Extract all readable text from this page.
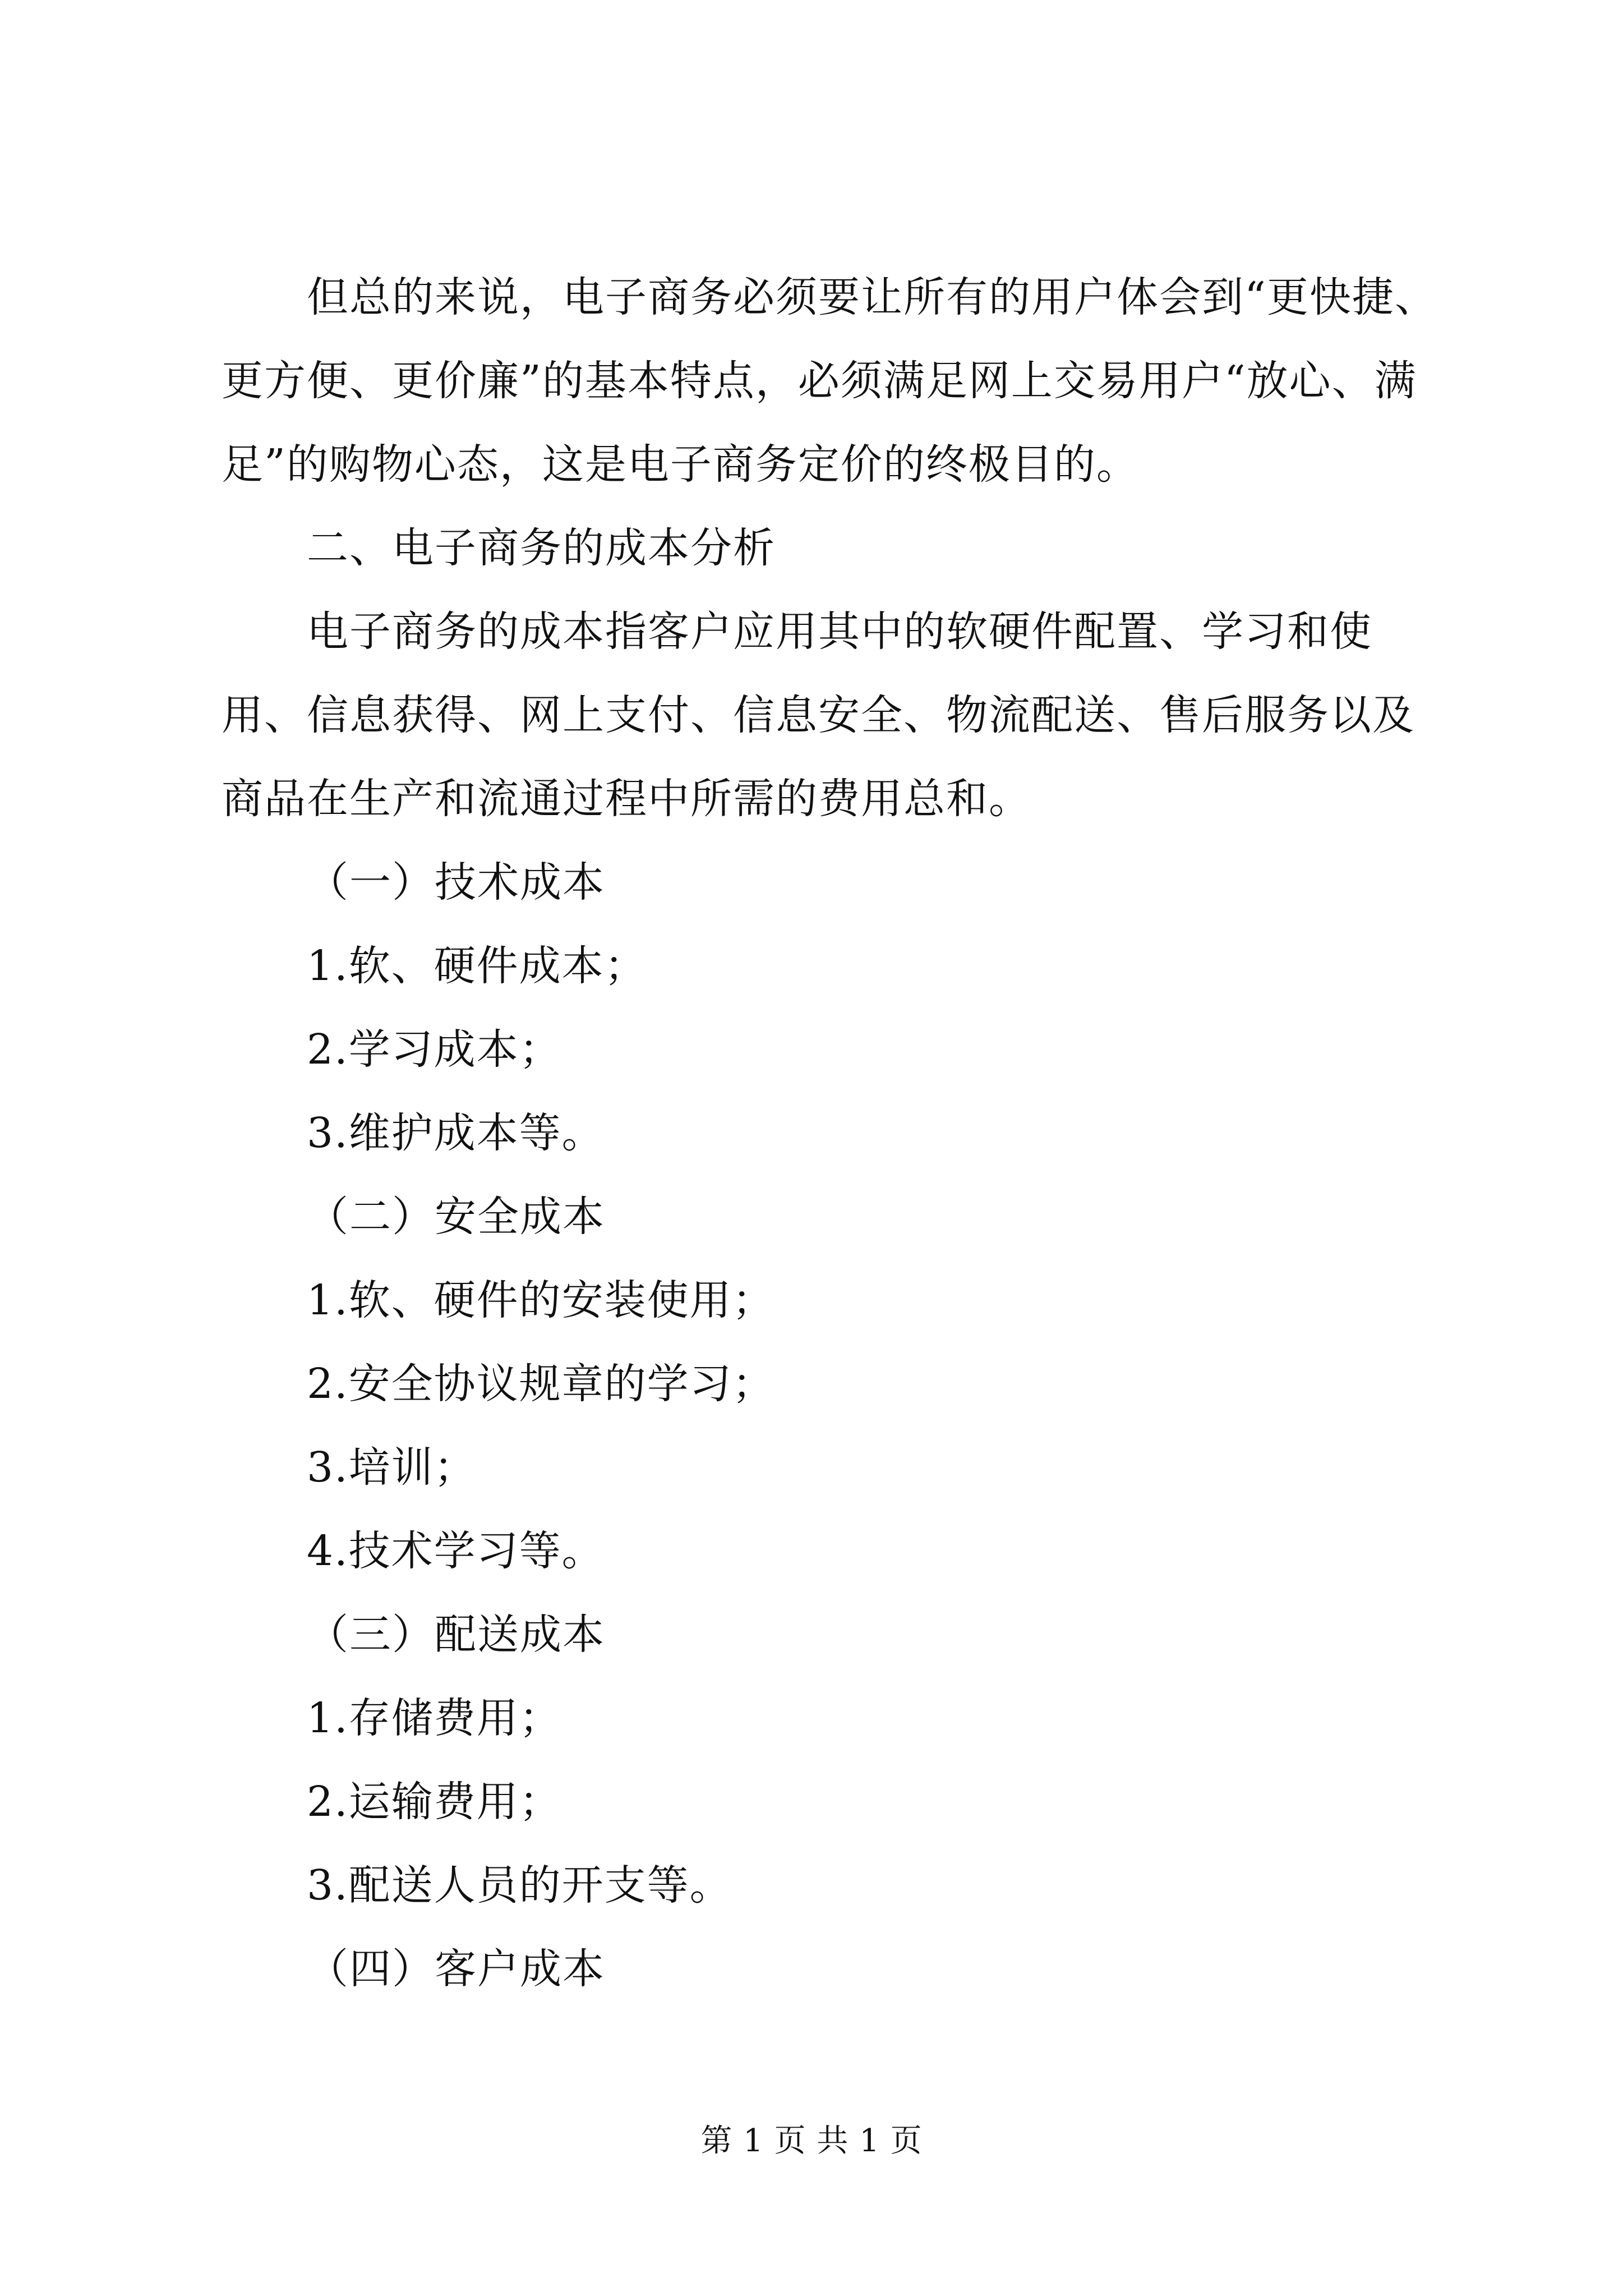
但总的来说，电子商务必须要让所有的用户体会到“更快捷、更方便、更价廉”的基本特点，必须满足网上交易用户“放心、满足”的购物心态，这是电子商务定价的终极目的。

二、电子商务的成本分析

电子商务的成本指客户应用其中的软硬件配置、学习和使用、信息获得、网上支付、信息安全、物流配送、售后服务以及商品在生产和流通过程中所需的费用总和。

（一）技术成本

1.软、硬件成本；

2.学习成本；

3.维护成本等。

（二）安全成本

1.软、硬件的安装使用；

2.安全协议规章的学习；

3.培训；

4.技术学习等。

（三）配送成本

1.存储费用；

2.运输费用；

3.配送人员的开支等。

（四）客户成本

第 1 页 共 1 页
